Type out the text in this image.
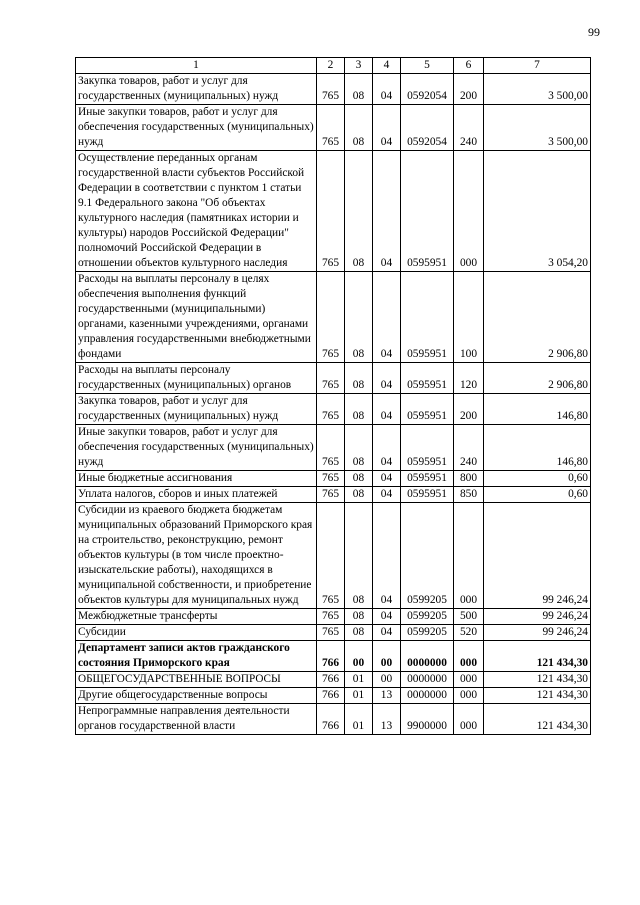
99
1	2	3	4	5	6	7
Закупка товаров, работ и услуг для государственных (муниципальных) нужд	765	08	04	0592054	200	3 500,00
Иные закупки товаров, работ и услуг для обеспечения государственных (муниципальных) нужд	765	08	04	0592054	240	3 500,00
Осуществление переданных органам государственной власти субъектов Российской Федерации в соответствии с пунктом 1 статьи 9.1 Федерального закона "Об объектах культурного наследия (памятниках истории и культуры) народов Российской Федерации" полномочий Российской Федерации в отношении объектов культурного наследия	765	08	04	0595951	000	3 054,20
Расходы на выплаты персоналу в целях обеспечения выполнения функций государственными (муниципальными) органами, казенными учреждениями, органами управления государственными внебюджетными фондами	765	08	04	0595951	100	2 906,80
Расходы на выплаты персоналу государственных (муниципальных) органов	765	08	04	0595951	120	2 906,80
Закупка товаров, работ и услуг для государственных (муниципальных) нужд	765	08	04	0595951	200	146,80
Иные закупки товаров, работ и услуг для обеспечения государственных (муниципальных) нужд	765	08	04	0595951	240	146,80
Иные бюджетные ассигнования	765	08	04	0595951	800	0,60
Уплата налогов, сборов и иных платежей	765	08	04	0595951	850	0,60
Субсидии из краевого бюджета бюджетам муниципальных образований Приморского края на строительство, реконструкцию, ремонт объектов культуры (в том числе проектно-изыскательские работы), находящихся в муниципальной собственности, и приобретение объектов культуры для муниципальных нужд	765	08	04	0599205	000	99 246,24
Межбюджетные трансферты	765	08	04	0599205	500	99 246,24
Субсидии	765	08	04	0599205	520	99 246,24
Департамент записи актов гражданского состояния Приморского края	766	00	00	0000000	000	121 434,30
ОБЩЕГОСУДАРСТВЕННЫЕ ВОПРОСЫ	766	01	00	0000000	000	121 434,30
Другие общегосударственные вопросы	766	01	13	0000000	000	121 434,30
Непрограммные направления деятельности органов государственной власти	766	01	13	9900000	000	121 434,30
